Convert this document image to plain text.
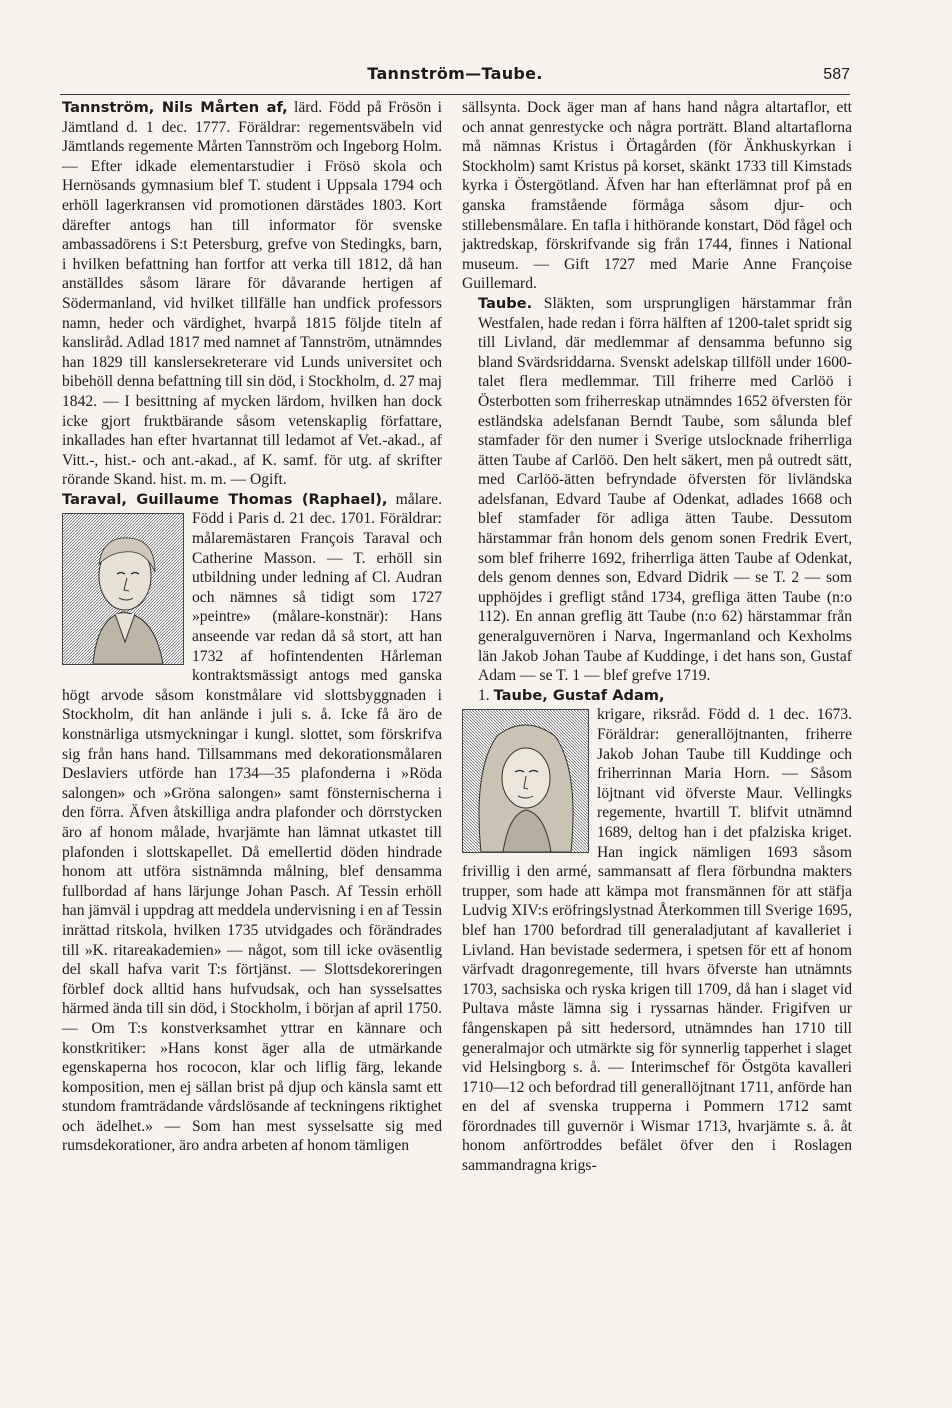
Tannström—Taube.	587

Tannström, Nils Mårten af, lärd. Född på Frösön i Jämtland d. 1 dec. 1777. Föräldrar: regementsväbeln vid Jämtlands regemente Mårten Tannström och Ingeborg Holm. — Efter idkade elementarstudier i Frösö skola och Hernösands gymnasium blef T. student i Uppsala 1794 och erhöll lagerkransen vid promotionen därstädes 1803. Kort därefter antogs han till informator för svenske ambassadörens i S:t Petersburg, grefve von Stedingks, barn, i hvilken befattning han fortfor att verka till 1812, då han anställdes såsom lärare för dåvarande hertigen af Södermanland, vid hvilket tillfälle han undfick professors namn, heder och värdighet, hvarpå 1815 följde titeln af kansliråd. Adlad 1817 med namnet af Tannström, utnämndes han 1829 till kanslersekreterare vid Lunds universitet och bibehöll denna befattning till sin död, i Stockholm, d. 27 maj 1842. — I besittning af mycken lärdom, hvilken han dock icke gjort fruktbärande såsom vetenskaplig författare, inkallades han efter hvartannat till ledamot af Vet.-akad., af Vitt.-, hist.- och ant.-akad., af K. samf. för utg. af skrifter rörande Skand. hist. m. m. — Ogift.

Taraval, Guillaume Thomas (Raphael), målare. Född i Paris d. 21 dec. 1701. Föräldrar: målaremästaren François Taraval och Catherine Masson. — T. erhöll sin utbildning under ledning af Cl. Audran och nämnes så tidigt som 1727 »peintre» (målare-konstnär): Hans anseende var redan då så stort, att han 1732 af hofintendenten Hårleman kontraktsmässigt antogs med ganska högt arvode såsom konstmålare vid slottsbyggnaden i Stockholm, dit han anlände i juli s. å. Icke få äro de konstnärliga utsmyckningar i kungl. slottet, som förskrifva sig från hans hand. Tillsammans med dekorationsmålaren Deslaviers utförde han 1734—35 plafonderna i »Röda salongen» och »Gröna salongen» samt fönsternischerna i den förra. Äfven åtskilliga andra plafonder och dörrstycken äro af honom målade, hvarjämte han lämnat utkastet till plafonden i slottskapellet. Då emellertid döden hindrade honom att utföra sistnämnda målning, blef densamma fullbordad af hans lärjunge Johan Pasch. Af Tessin erhöll han jämväl i uppdrag att meddela undervisning i en af Tessin inrättad ritskola, hvilken 1735 utvidgades och förändrades till »K. ritareakademien» — något, som till icke oväsentlig del skall hafva varit T:s förtjänst. — Slottsdekoreringen förblef dock alltid hans hufvudsak, och han sysselsattes härmed ända till sin död, i Stockholm, i början af april 1750. — Om T:s konstverksamhet yttrar en kännare och konstkritiker: »Hans konst äger alla de utmärkande egenskaperna hos rococon, klar och liflig färg, lekande komposition, men ej sällan brist på djup och känsla samt ett stundom framträdande vårdslösande af teckningens riktighet och ädelhet.» — Som han mest sysselsatte sig med rumsdekorationer, äro andra arbeten af honom tämligen

sällsynta. Dock äger man af hans hand några altartaflor, ett och annat genrestycke och några porträtt. Bland altartaflorna må nämnas Kristus i Örtagården (för Änkhuskyrkan i Stockholm) samt Kristus på korset, skänkt 1733 till Kimstads kyrka i Östergötland. Äfven har han efterlämnat prof på en ganska framstående förmåga såsom djur- och stillebensmålare. En tafla i hithörande konstart, Död fågel och jaktredskap, förskrifvande sig från 1744, finnes i National museum. — Gift 1727 med Marie Anne Françoise Guillemard.

Taube. Släkten, som ursprungligen härstammar från Westfalen, hade redan i förra hälften af 1200-talet spridt sig till Livland, där medlemmar af densamma befunno sig bland Svärdsriddarna. Svenskt adelskap tillföll under 1600-talet flera medlemmar. Till friherre med Carlöö i Österbotten som friherreskap utnämndes 1652 öfversten för estländska adelsfanan Berndt Taube, som sålunda blef stamfader för den numer i Sverige utslocknade friherrliga ätten Taube af Carlöö. Den helt säkert, men på outredt sätt, med Carlöö-ätten befryndade öfversten för livländska adelsfanan, Edvard Taube af Odenkat, adlades 1668 och blef stamfader för adliga ätten Taube. Dessutom härstammar från honom dels genom sonen Fredrik Evert, som blef friherre 1692, friherrliga ätten Taube af Odenkat, dels genom dennes son, Edvard Didrik — se T. 2 — som upphöjdes i grefligt stånd 1734, grefliga ätten Taube (n:o 112). En annan greflig ätt Taube (n:o 62) härstammar från generalguvernören i Narva, Ingermanland och Kexholms län Jakob Johan Taube af Kuddinge, i det hans son, Gustaf Adam — se T. 1 — blef grefve 1719.

1. Taube, Gustaf Adam,

krigare, riksråd. Född d. 1 dec. 1673. Föräldrar: generallöjtnanten, friherre Jakob Johan Taube till Kuddinge och friherrinnan Maria Horn. — Såsom löjtnant vid öfverste Maur. Vellingks regemente, hvartill T. blifvit utnämnd 1689, deltog han i det pfalziska kriget. Han ingick nämligen 1693 såsom frivillig i den armé, sammansatt af flera förbundna makters trupper, som hade att kämpa mot fransmännen för att stäfja Ludvig XIV:s eröfringslystnad Återkommen till Sverige 1695, blef han 1700 befordrad till generaladjutant af kavalleriet i Livland. Han bevistade sedermera, i spetsen för ett af honom värfvadt dragonregemente, till hvars öfverste han utnämnts 1703, sachsiska och ryska krigen till 1709, då han i slaget vid Pultava måste lämna sig i ryssarnas händer. Frigifven ur fångenskapen på sitt hedersord, utnämndes han 1710 till generalmajor och utmärkte sig för synnerlig tapperhet i slaget vid Helsingborg s. å. — Interimschef för Östgöta kavalleri 1710—12 och befordrad till generallöjtnant 1711, anförde han en del af svenska trupperna i Pommern 1712 samt förordnades till guvernör i Wismar 1713, hvarjämte s. å. åt honom anförtroddes befälet öfver den i Roslagen sammandragna krigs-
